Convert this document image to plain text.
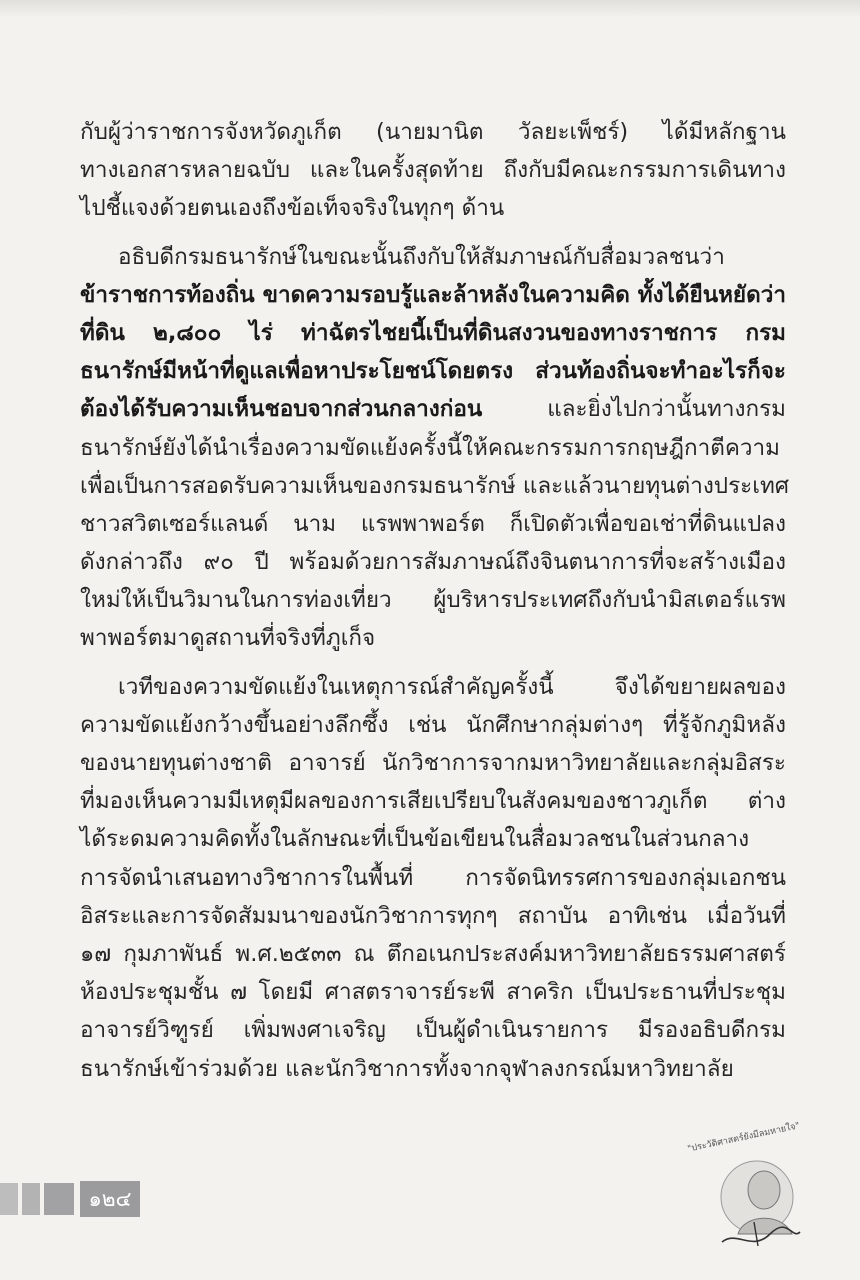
กับผู้ว่าราชการจังหวัดภูเก็ต (นายมานิต วัลยะเพ็ชร์) ได้มีหลักฐาน
ทางเอกสารหลายฉบับ และในครั้งสุดท้าย ถึงกับมีคณะกรรมการเดินทาง
ไปชี้แจงด้วยตนเองถึงข้อเท็จจริงในทุกๆ ด้าน
อธิบดีกรมธนารักษ์ในขณะนั้นถึงกับให้สัมภาษณ์กับสื่อมวลชนว่า
ข้าราชการท้องถิ่น ขาดความรอบรู้และล้าหลังในความคิด ทั้งได้ยืนหยัดว่า
ที่ดิน ๒,๘๐๐ ไร่ ท่าฉัตรไชยนี้เป็นที่ดินสงวนของทางราชการ กรม
ธนารักษ์มีหน้าที่ดูแลเพื่อหาประโยชน์โดยตรง ส่วนท้องถิ่นจะทำอะไรก็จะ
ต้องได้รับความเห็นชอบจากส่วนกลางก่อน และยิ่งไปกว่านั้นทางกรม
ธนารักษ์ยังได้นำเรื่องความขัดแย้งครั้งนี้ให้คณะกรรมการกฤษฎีกาตีความ
เพื่อเป็นการสอดรับความเห็นของกรมธนารักษ์ และแล้วนายทุนต่างประเทศ
ชาวสวิตเซอร์แลนด์ นาม แรพพาพอร์ต ก็เปิดตัวเพื่อขอเช่าที่ดินแปลง
ดังกล่าวถึง ๙๐ ปี พร้อมด้วยการสัมภาษณ์ถึงจินตนาการที่จะสร้างเมือง
ใหม่ให้เป็นวิมานในการท่องเที่ยว ผู้บริหารประเทศถึงกับนำมิสเตอร์แรพ
พาพอร์ตมาดูสถานที่จริงที่ภูเก็จ
เวทีของความขัดแย้งในเหตุการณ์สำคัญครั้งนี้ จึงได้ขยายผลของ
ความขัดแย้งกว้างขึ้นอย่างลึกซึ้ง เช่น นักศึกษากลุ่มต่างๆ ที่รู้จักภูมิหลัง
ของนายทุนต่างชาติ อาจารย์ นักวิชาการจากมหาวิทยาลัยและกลุ่มอิสระ
ที่มองเห็นความมีเหตุมีผลของการเสียเปรียบในสังคมของชาวภูเก็ต ต่าง
ได้ระดมความคิดทั้งในลักษณะที่เป็นข้อเขียนในสื่อมวลชนในส่วนกลาง
การจัดนำเสนอทางวิชาการในพื้นที่ การจัดนิทรรศการของกลุ่มเอกชน
อิสระและการจัดสัมมนาของนักวิชาการทุกๆ สถาบัน อาทิเช่น เมื่อวันที่
๑๗ กุมภาพันธ์ พ.ศ.๒๕๓๓ ณ ตึกอเนกประสงค์มหาวิทยาลัยธรรมศาสตร์
ห้องประชุมชั้น ๗ โดยมี ศาสตราจารย์ระพี สาคริก เป็นประธานที่ประชุม
อาจารย์วิฑูรย์ เพิ่มพงศาเจริญ เป็นผู้ดำเนินรายการ มีรองอธิบดีกรม
ธนารักษ์เข้าร่วมด้วย และนักวิชาการทั้งจากจุฬาลงกรณ์มหาวิทยาลัย
๑๒๔
"ประวัติศาสตร์ยังมีลมหายใจ"
